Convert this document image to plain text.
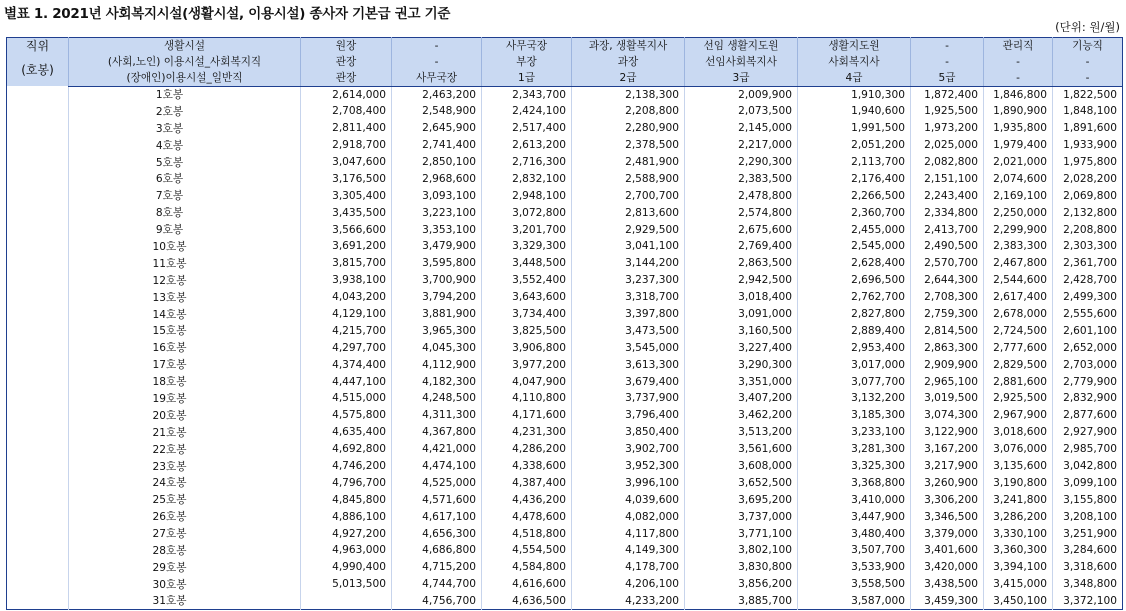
별표 1. 2021년 사회복지시설(생활시설, 이용시설) 종사자 기본급 권고 기준
(단위: 원/월)
직위
(호봉)	생활시설	원장	-	사무국장	과장, 생활복지사	선임 생활지도원	생활지도원	-	관리직	기능직
	(사회,노인) 이용시설_사회복지직	관장	-	부장	과장	선임사회복지사	사회복지사	-	-	-
	(장애인)이용시설_일반직	관장	사무국장	1급	2급	3급	4급	5급	-	-
	1호봉	2,614,000	2,463,200	2,343,700	2,138,300	2,009,900	1,910,300	1,872,400	1,846,800	1,822,500
	2호봉	2,708,400	2,548,900	2,424,100	2,208,800	2,073,500	1,940,600	1,925,500	1,890,900	1,848,100
	3호봉	2,811,400	2,645,900	2,517,400	2,280,900	2,145,000	1,991,500	1,973,200	1,935,800	1,891,600
	4호봉	2,918,700	2,741,400	2,613,200	2,378,500	2,217,000	2,051,200	2,025,000	1,979,400	1,933,900
	5호봉	3,047,600	2,850,100	2,716,300	2,481,900	2,290,300	2,113,700	2,082,800	2,021,000	1,975,800
	6호봉	3,176,500	2,968,600	2,832,100	2,588,900	2,383,500	2,176,400	2,151,100	2,074,600	2,028,200
	7호봉	3,305,400	3,093,100	2,948,100	2,700,700	2,478,800	2,266,500	2,243,400	2,169,100	2,069,800
	8호봉	3,435,500	3,223,100	3,072,800	2,813,600	2,574,800	2,360,700	2,334,800	2,250,000	2,132,800
	9호봉	3,566,600	3,353,100	3,201,700	2,929,500	2,675,600	2,455,000	2,413,700	2,299,900	2,208,800
	10호봉	3,691,200	3,479,900	3,329,300	3,041,100	2,769,400	2,545,000	2,490,500	2,383,300	2,303,300
	11호봉	3,815,700	3,595,800	3,448,500	3,144,200	2,863,500	2,628,400	2,570,700	2,467,800	2,361,700
	12호봉	3,938,100	3,700,900	3,552,400	3,237,300	2,942,500	2,696,500	2,644,300	2,544,600	2,428,700
	13호봉	4,043,200	3,794,200	3,643,600	3,318,700	3,018,400	2,762,700	2,708,300	2,617,400	2,499,300
	14호봉	4,129,100	3,881,900	3,734,400	3,397,800	3,091,000	2,827,800	2,759,300	2,678,000	2,555,600
	15호봉	4,215,700	3,965,300	3,825,500	3,473,500	3,160,500	2,889,400	2,814,500	2,724,500	2,601,100
	16호봉	4,297,700	4,045,300	3,906,800	3,545,000	3,227,400	2,953,400	2,863,300	2,777,600	2,652,000
	17호봉	4,374,400	4,112,900	3,977,200	3,613,300	3,290,300	3,017,000	2,909,900	2,829,500	2,703,000
	18호봉	4,447,100	4,182,300	4,047,900	3,679,400	3,351,000	3,077,700	2,965,100	2,881,600	2,779,900
	19호봉	4,515,000	4,248,500	4,110,800	3,737,900	3,407,200	3,132,200	3,019,500	2,925,500	2,832,900
	20호봉	4,575,800	4,311,300	4,171,600	3,796,400	3,462,200	3,185,300	3,074,300	2,967,900	2,877,600
	21호봉	4,635,400	4,367,800	4,231,300	3,850,400	3,513,200	3,233,100	3,122,900	3,018,600	2,927,900
	22호봉	4,692,800	4,421,000	4,286,200	3,902,700	3,561,600	3,281,300	3,167,200	3,076,000	2,985,700
	23호봉	4,746,200	4,474,100	4,338,600	3,952,300	3,608,000	3,325,300	3,217,900	3,135,600	3,042,800
	24호봉	4,796,700	4,525,000	4,387,400	3,996,100	3,652,500	3,368,800	3,260,900	3,190,800	3,099,100
	25호봉	4,845,800	4,571,600	4,436,200	4,039,600	3,695,200	3,410,000	3,306,200	3,241,800	3,155,800
	26호봉	4,886,100	4,617,100	4,478,600	4,082,000	3,737,000	3,447,900	3,346,500	3,286,200	3,208,100
	27호봉	4,927,200	4,656,300	4,518,800	4,117,800	3,771,100	3,480,400	3,379,000	3,330,100	3,251,900
	28호봉	4,963,000	4,686,800	4,554,500	4,149,300	3,802,100	3,507,700	3,401,600	3,360,300	3,284,600
	29호봉	4,990,400	4,715,200	4,584,800	4,178,700	3,830,800	3,533,900	3,420,000	3,394,100	3,318,600
	30호봉	5,013,500	4,744,700	4,616,600	4,206,100	3,856,200	3,558,500	3,438,500	3,415,000	3,348,800
	31호봉		4,756,700	4,636,500	4,233,200	3,885,700	3,587,000	3,459,300	3,450,100	3,372,100
